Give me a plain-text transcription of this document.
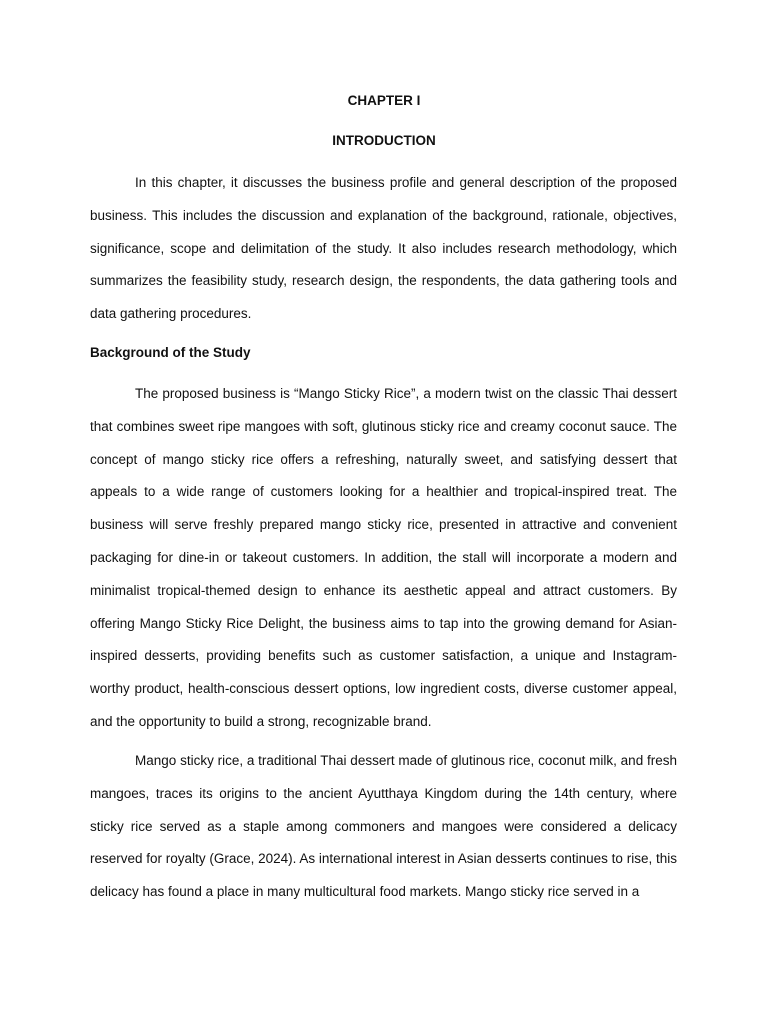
CHAPTER I
INTRODUCTION

In this chapter, it discusses the business profile and general description of the proposed business. This includes the discussion and explanation of the background, rationale, objectives, significance, scope and delimitation of the study. It also includes research methodology, which summarizes the feasibility study, research design, the respondents, the data gathering tools and data gathering procedures.

Background of the Study

The proposed business is “Mango Sticky Rice”, a modern twist on the classic Thai dessert that combines sweet ripe mangoes with soft, glutinous sticky rice and creamy coconut sauce. The concept of mango sticky rice offers a refreshing, naturally sweet, and satisfying dessert that appeals to a wide range of customers looking for a healthier and tropical-inspired treat. The business will serve freshly prepared mango sticky rice, presented in attractive and convenient packaging for dine-in or takeout customers. In addition, the stall will incorporate a modern and minimalist tropical-themed design to enhance its aesthetic appeal and attract customers. By offering Mango Sticky Rice Delight, the business aims to tap into the growing demand for Asian-inspired desserts, providing benefits such as customer satisfaction, a unique and Instagram-worthy product, health-conscious dessert options, low ingredient costs, diverse customer appeal, and the opportunity to build a strong, recognizable brand.

Mango sticky rice, a traditional Thai dessert made of glutinous rice, coconut milk, and fresh mangoes, traces its origins to the ancient Ayutthaya Kingdom during the 14th century, where sticky rice served as a staple among commoners and mangoes were considered a delicacy reserved for royalty (Grace, 2024). As international interest in Asian desserts continues to rise, this delicacy has found a place in many multicultural food markets. Mango sticky rice served in a
